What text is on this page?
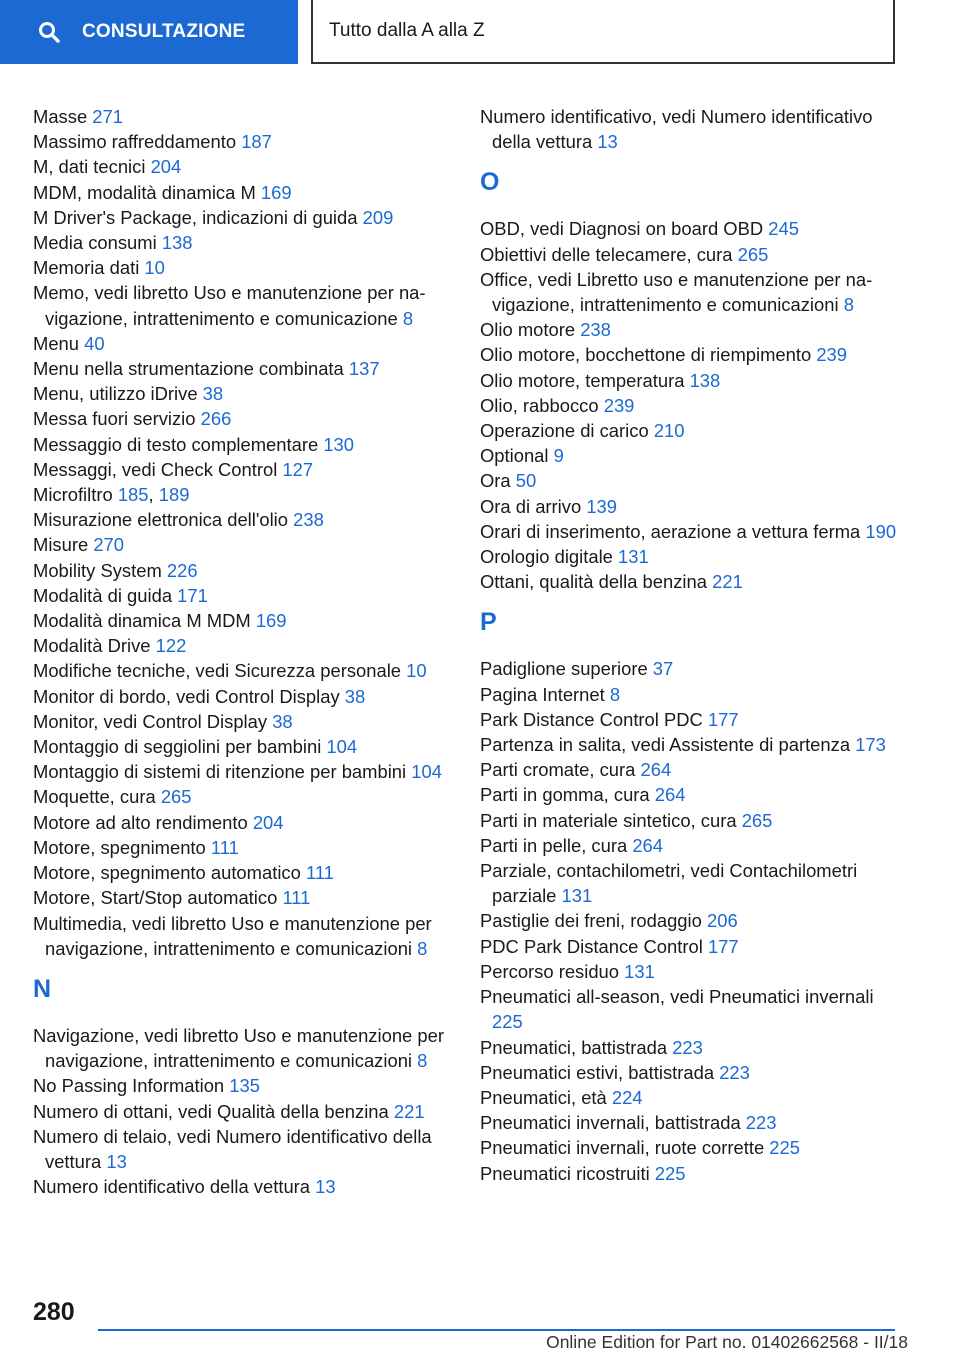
CONSULTAZIONE	Tutto dalla A alla Z
Masse 271
Massimo raffreddamento 187
M, dati tecnici 204
MDM, modalità dinamica M 169
M Driver's Package, indicazioni di guida 209
Media consumi 138
Memoria dati 10
Memo, vedi libretto Uso e manutenzione per navigazione, intrattenimento e comunicazione 8
Menu 40
Menu nella strumentazione combinata 137
Menu, utilizzo iDrive 38
Messa fuori servizio 266
Messaggio di testo complementare 130
Messaggi, vedi Check Control 127
Microfiltro 185, 189
Misurazione elettronica dell'olio 238
Misure 270
Mobility System 226
Modalità di guida 171
Modalità dinamica M MDM 169
Modalità Drive 122
Modifiche tecniche, vedi Sicurezza personale 10
Monitor di bordo, vedi Control Display 38
Monitor, vedi Control Display 38
Montaggio di seggiolini per bambini 104
Montaggio di sistemi di ritenzione per bambini 104
Moquette, cura 265
Motore ad alto rendimento 204
Motore, spegnimento 111
Motore, spegnimento automatico 111
Motore, Start/Stop automatico 111
Multimedia, vedi libretto Uso e manutenzione per navigazione, intrattenimento e comunicazioni 8
N
Navigazione, vedi libretto Uso e manutenzione per navigazione, intrattenimento e comunicazioni 8
No Passing Information 135
Numero di ottani, vedi Qualità della benzina 221
Numero di telaio, vedi Numero identificativo della vettura 13
Numero identificativo della vettura 13
Numero identificativo, vedi Numero identificativo della vettura 13
O
OBD, vedi Diagnosi on board OBD 245
Obiettivi delle telecamere, cura 265
Office, vedi Libretto uso e manutenzione per navigazione, intrattenimento e comunicazioni 8
Olio motore 238
Olio motore, bocchettone di riempimento 239
Olio motore, temperatura 138
Olio, rabbocco 239
Operazione di carico 210
Optional 9
Ora 50
Ora di arrivo 139
Orari di inserimento, aerazione a vettura ferma 190
Orologio digitale 131
Ottani, qualità della benzina 221
P
Padiglione superiore 37
Pagina Internet 8
Park Distance Control PDC 177
Partenza in salita, vedi Assistente di partenza 173
Parti cromate, cura 264
Parti in gomma, cura 264
Parti in materiale sintetico, cura 265
Parti in pelle, cura 264
Parziale, contachilometri, vedi Contachilometri parziale 131
Pastiglie dei freni, rodaggio 206
PDC Park Distance Control 177
Percorso residuo 131
Pneumatici all-season, vedi Pneumatici invernali 225
Pneumatici, battistrada 223
Pneumatici estivi, battistrada 223
Pneumatici, età 224
Pneumatici invernali, battistrada 223
Pneumatici invernali, ruote corrette 225
Pneumatici ricostruiti 225
280
Online Edition for Part no. 01402662568 - II/18
